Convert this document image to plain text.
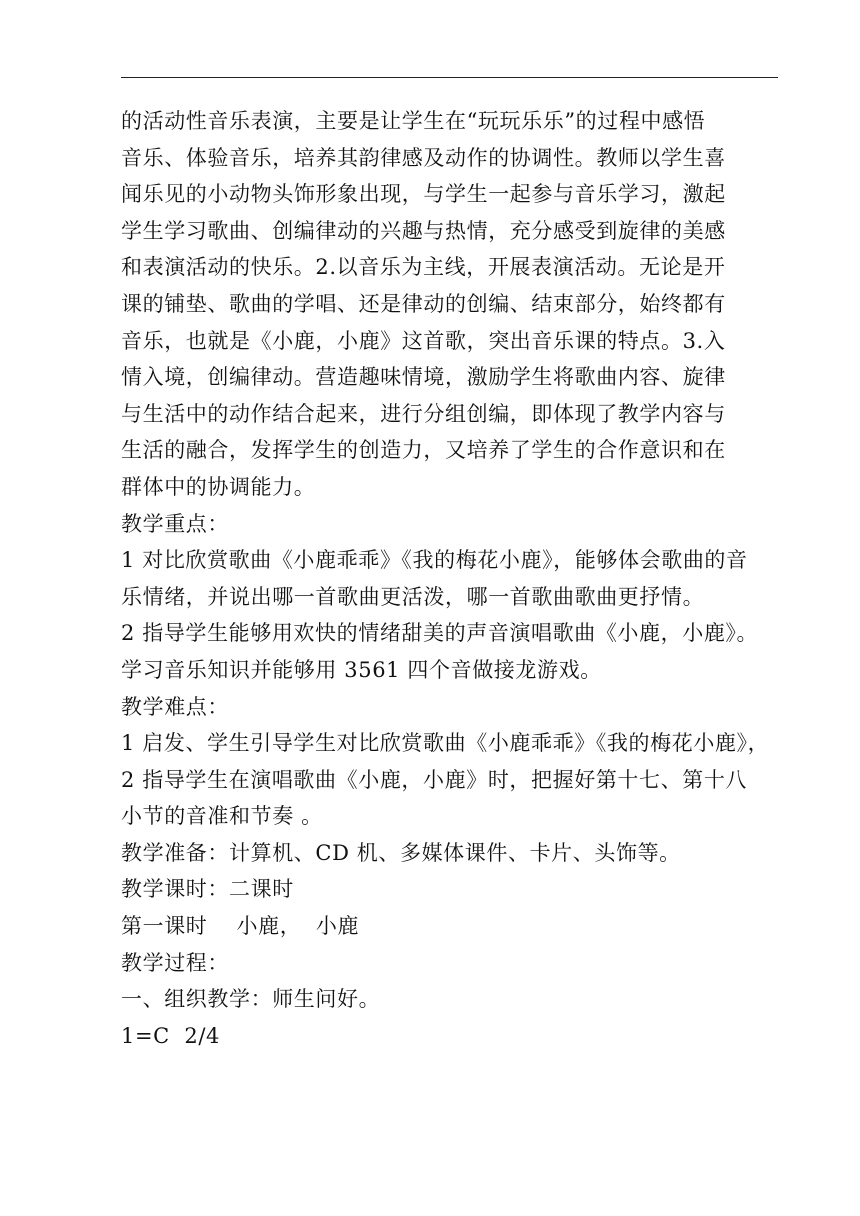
的活动性音乐表演，主要是让学生在“玩玩乐乐”的过程中感悟
音乐、体验音乐，培养其韵律感及动作的协调性。教师以学生喜
闻乐见的小动物头饰形象出现，与学生一起参与音乐学习，激起
学生学习歌曲、创编律动的兴趣与热情，充分感受到旋律的美感
和表演活动的快乐。2.以音乐为主线，开展表演活动。无论是开
课的铺垫、歌曲的学唱、还是律动的创编、结束部分，始终都有
音乐，也就是《小鹿，小鹿》这首歌，突出音乐课的特点。3.入
情入境，创编律动。营造趣味情境，激励学生将歌曲内容、旋律
与生活中的动作结合起来，进行分组创编，即体现了教学内容与
生活的融合，发挥学生的创造力，又培养了学生的合作意识和在
群体中的协调能力。
教学重点：
1 对比欣赏歌曲《小鹿乖乖》《我的梅花小鹿》，能够体会歌曲的音
乐情绪，并说出哪一首歌曲更活泼，哪一首歌曲歌曲更抒情。
2 指导学生能够用欢快的情绪甜美的声音演唱歌曲《小鹿，小鹿》。
学习音乐知识并能够用 3561 四个音做接龙游戏。
教学难点：
1 启发、学生引导学生对比欣赏歌曲《小鹿乖乖》《我的梅花小鹿》，
2 指导学生在演唱歌曲《小鹿，小鹿》时，把握好第十七、第十八
小节的音准和节奏 。
教学准备：计算机、CD 机、多媒体课件、卡片、头饰等。
教学课时：二课时
第一课时    小鹿，  小鹿
教学过程：
一、组织教学：师生问好。
1=C  2/4
